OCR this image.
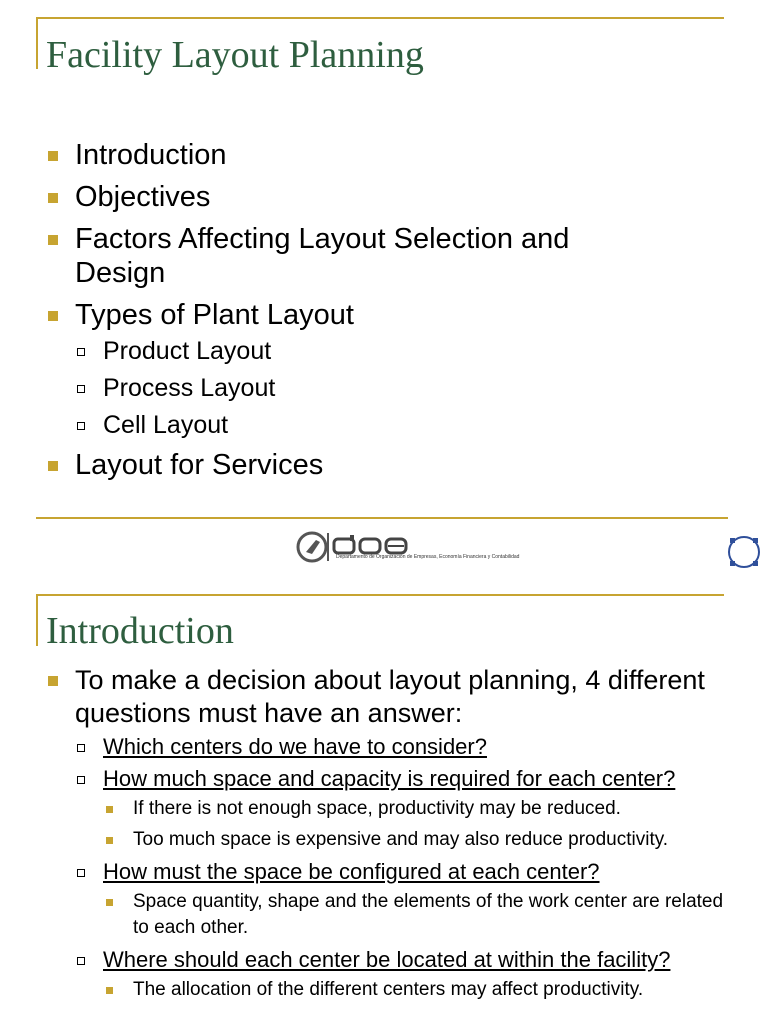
Facility Layout Planning
Introduction
Objectives
Factors Affecting Layout Selection and Design
Types of Plant Layout
Product Layout
Process Layout
Cell Layout
Layout for Services
Departamento de Organización de Empresas, Economía Financiera y Contabilidad
Introduction
To make a decision about layout planning, 4 different questions must have an answer:
Which centers do we have to consider?
How much space and capacity is required for each center?
If there is not enough space, productivity may be reduced.
Too much space is expensive and may also reduce productivity.
How must the space be configured at each center?
Space quantity, shape and the elements of the work center are related to each other.
Where should each center be located at within the facility?
The allocation of the different centers may affect productivity.
